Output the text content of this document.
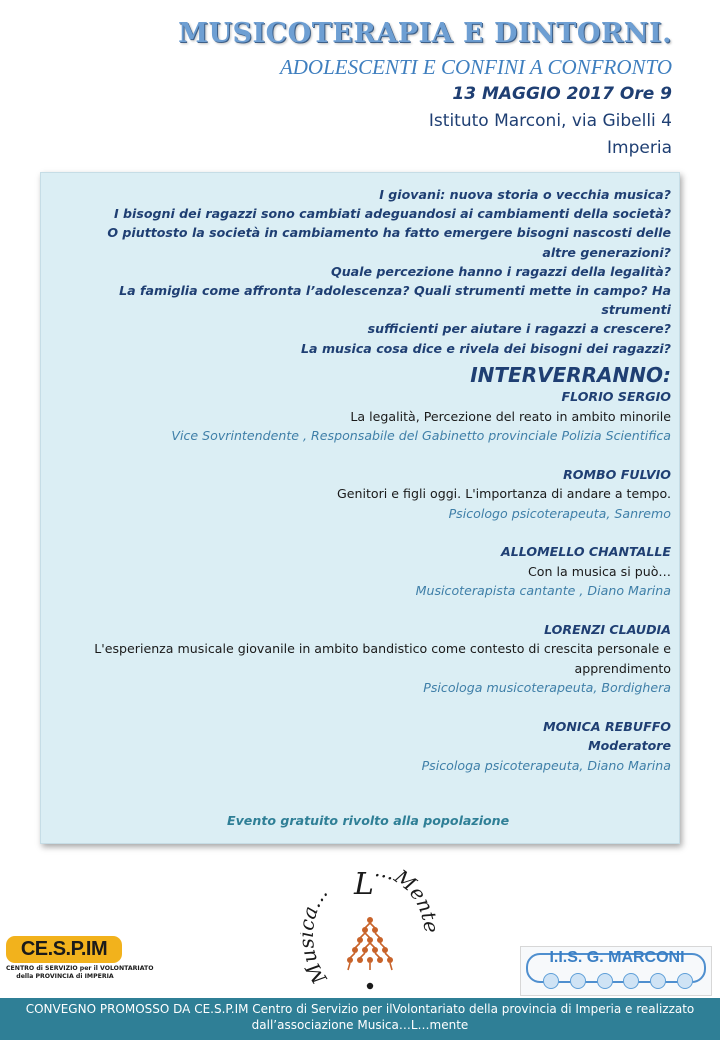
MUSICOTERAPIA E DINTORNI.
ADOLESCENTI E CONFINI A CONFRONTO
13 MAGGIO 2017 Ore 9
Istituto Marconi, via Gibelli 4
Imperia

I giovani: nuova storia o vecchia musica?

I bisogni dei ragazzi sono cambiati adeguandosi ai cambiamenti della società?

O piuttosto la società in cambiamento ha fatto emergere bisogni nascosti delle

altre generazioni?

Quale percezione hanno i ragazzi della legalità?

La famiglia come affronta l’adolescenza? Quali strumenti mette in campo? Ha strumenti

sufficienti per aiutare i ragazzi a crescere?

La musica cosa dice e rivela dei bisogni dei ragazzi?

INTERVERRANNO:
FLORIO SERGIO
La legalità, Percezione del reato in ambito minorile
Vice Sovrintendente , Responsabile del Gabinetto provinciale Polizia Scientifica
ROMBO FULVIO
Genitori e figli oggi. L'importanza di andare a tempo.
Psicologo psicoterapeuta, Sanremo
ALLOMELLO CHANTALLE
Con la musica si può…
Musicoterapista cantante , Diano Marina
LORENZI CLAUDIA
L'esperienza musicale giovanile in ambito bandistico come contesto di crescita personale e
apprendimento
Psicologa musicoterapeuta, Bordighera
MONICA REBUFFO
Moderatore
Psicologa psicoterapeuta, Diano Marina
Evento gratuito rivolto alla popolazione
CE.S.P.IM
CENTRO di SERVIZIO per il VOLONTARIATO
della PROVINCIA di IMPERIA	M ... L ...Ment
I.I.S. G. MARCONI
CONVEGNO PROMOSSO DA CE.S.P.IM Centro di Servizio per ilVolontariato della provincia di Imperia e realizzato
dall’associazione Musica…L…mente
